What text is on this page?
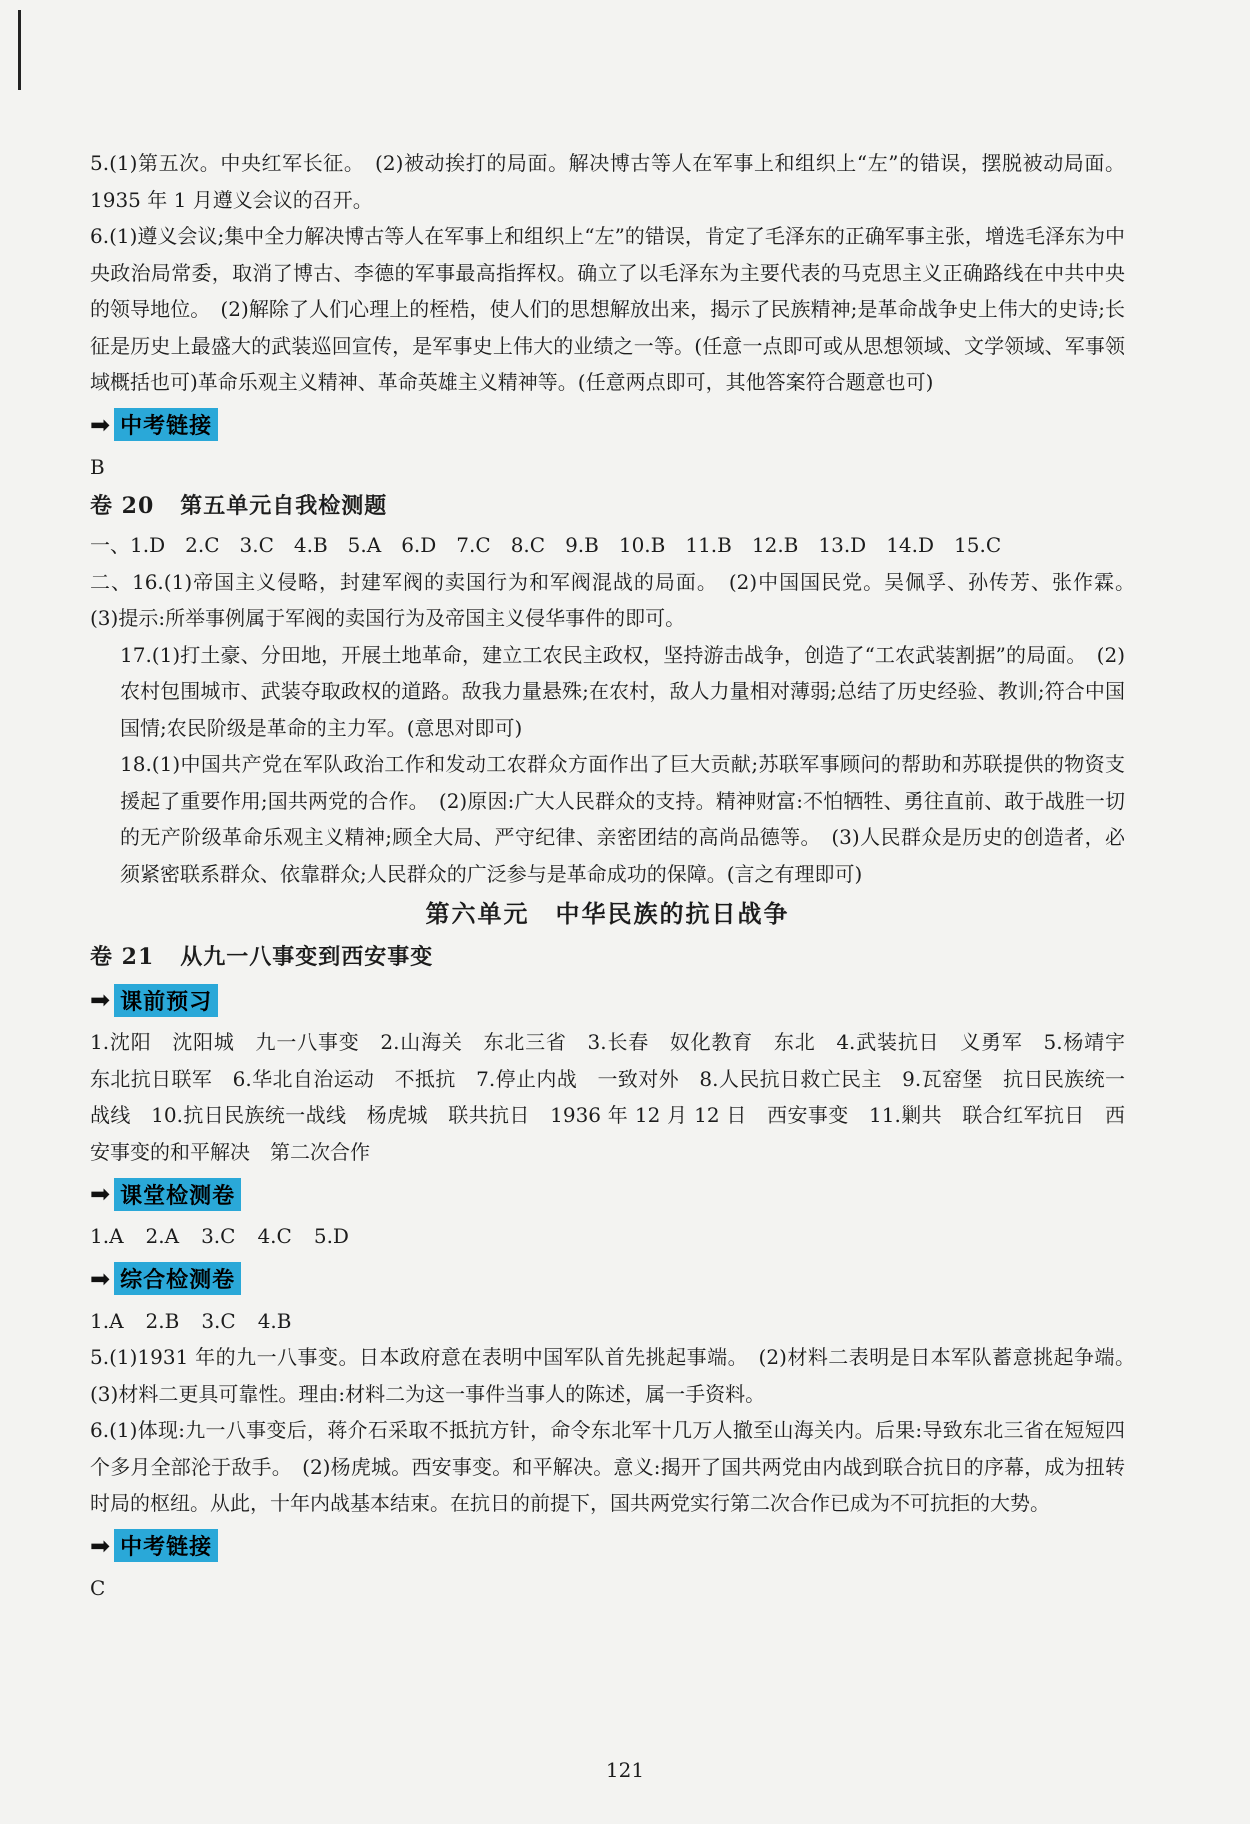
5.(1)第五次。中央红军长征。　(2)被动挨打的局面。解决博古等人在军事上和组织上“左”的错误，摆脱被动局面。1935 年 1 月遵义会议的召开。

6.(1)遵义会议;集中全力解决博古等人在军事上和组织上“左”的错误，肯定了毛泽东的正确军事主张，增选毛泽东为中央政治局常委，取消了博古、李德的军事最高指挥权。确立了以毛泽东为主要代表的马克思主义正确路线在中共中央的领导地位。　(2)解除了人们心理上的桎梏，使人们的思想解放出来，揭示了民族精神;是革命战争史上伟大的史诗;长征是历史上最盛大的武装巡回宣传，是军事史上伟大的业绩之一等。(任意一点即可或从思想领域、文学领域、军事领域概括也可)革命乐观主义精神、革命英雄主义精神等。(任意两点即可，其他答案符合题意也可)

➡ 中考链接

B

卷 20 第五单元自我检测题

一、1.D　2.C　3.C　4.B　5.A　6.D　7.C　8.C　9.B　10.B　11.B　12.B　13.D　14.D　15.C

二、16.(1)帝国主义侵略，封建军阀的卖国行为和军阀混战的局面。　(2)中国国民党。吴佩孚、孙传芳、张作霖。　(3)提示:所举事例属于军阀的卖国行为及帝国主义侵华事件的即可。

17.(1)打土豪、分田地，开展土地革命，建立工农民主政权，坚持游击战争，创造了“工农武装割据”的局面。　(2)农村包围城市、武装夺取政权的道路。敌我力量悬殊;在农村，敌人力量相对薄弱;总结了历史经验、教训;符合中国国情;农民阶级是革命的主力军。(意思对即可)

18.(1)中国共产党在军队政治工作和发动工农群众方面作出了巨大贡献;苏联军事顾问的帮助和苏联提供的物资支援起了重要作用;国共两党的合作。　(2)原因:广大人民群众的支持。精神财富:不怕牺牲、勇往直前、敢于战胜一切的无产阶级革命乐观主义精神;顾全大局、严守纪律、亲密团结的高尚品德等。　(3)人民群众是历史的创造者，必须紧密联系群众、依靠群众;人民群众的广泛参与是革命成功的保障。(言之有理即可)

第六单元　中华民族的抗日战争
卷 21 从九一八事变到西安事变
➡ 课前预习

1.沈阳　沈阳城　九一八事变　2.山海关　东北三省　3.长春　奴化教育　东北　4.武装抗日　义勇军　5.杨靖宇　东北抗日联军　6.华北自治运动　不抵抗　7.停止内战　一致对外　8.人民抗日救亡民主　9.瓦窑堡　抗日民族统一战线　10.抗日民族统一战线　杨虎城　联共抗日　1936 年 12 月 12 日　西安事变　11.剿共　联合红军抗日　西安事变的和平解决　第二次合作

➡ 课堂检测卷

1.A 2.A 3.C 4.C 5.D

➡ 综合检测卷

1.A 2.B 3.C 4.B

5.(1)1931 年的九一八事变。日本政府意在表明中国军队首先挑起事端。　(2)材料二表明是日本军队蓄意挑起争端。　(3)材料二更具可靠性。理由:材料二为这一事件当事人的陈述，属一手资料。

6.(1)体现:九一八事变后，蒋介石采取不抵抗方针，命令东北军十几万人撤至山海关内。后果:导致东北三省在短短四个多月全部沦于敌手。　(2)杨虎城。西安事变。和平解决。意义:揭开了国共两党由内战到联合抗日的序幕，成为扭转时局的枢纽。从此，十年内战基本结束。在抗日的前提下，国共两党实行第二次合作已成为不可抗拒的大势。

➡ 中考链接

C

121
